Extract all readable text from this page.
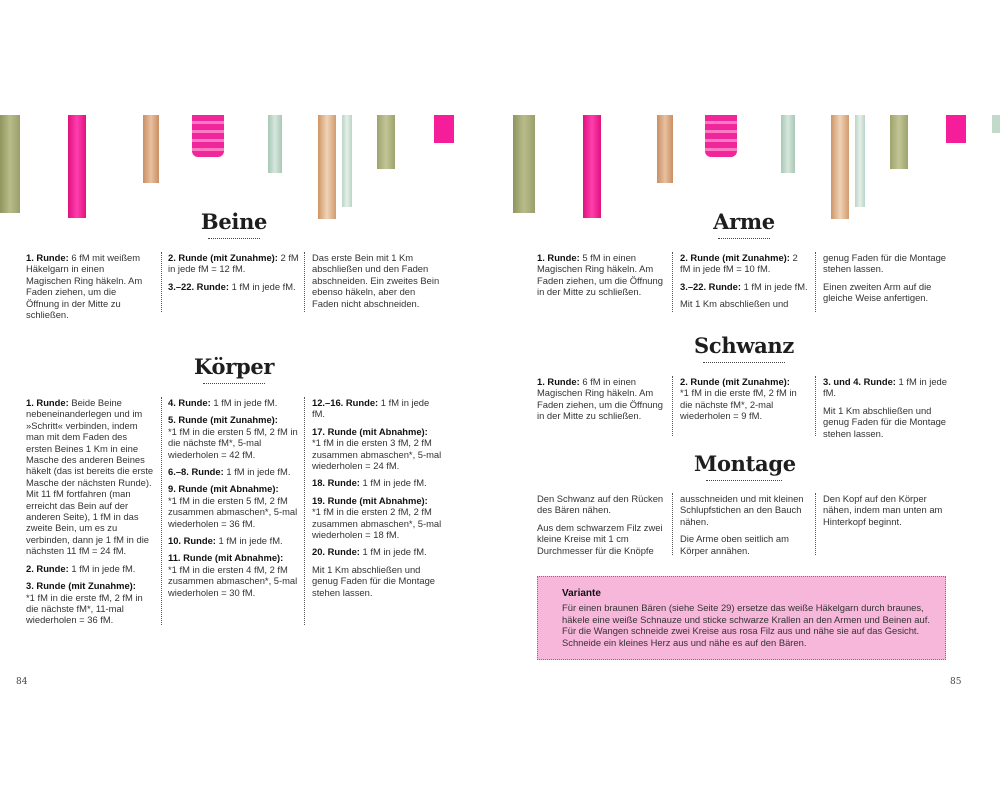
Beine

1. Runde: 6 fM mit weißem Häkelgarn in einen Magischen Ring häkeln. Am Faden ziehen, um die Öffnung in der Mitte zu schließen.

2. Runde (mit Zunahme): 2 fM in jede fM = 12 fM.

3.–22. Runde: 1 fM in jede fM.

Das erste Bein mit 1 Km abschließen und den Faden abschneiden. Ein zweites Bein ebenso häkeln, aber den Faden nicht abschneiden.

Körper

1. Runde: Beide Beine nebeneinanderlegen und im »Schritt« verbinden, indem man mit dem Faden des ersten Beines 1 Km in eine Masche des anderen Beines häkelt (das ist bereits die erste Masche der nächsten Runde). Mit 11 fM fortfahren (man erreicht das Bein auf der anderen Seite), 1 fM in das zweite Bein, um es zu verbinden, dann je 1 fM in die nächsten 11 fM = 24 fM.

2. Runde: 1 fM in jede fM.

3. Runde (mit Zunahme):
*1 fM in die erste fM, 2 fM in die nächste fM*, 11-mal wiederholen = 36 fM.

4. Runde: 1 fM in jede fM.

5. Runde (mit Zunahme):
*1 fM in die ersten 5 fM, 2 fM in die nächste fM*, 5-mal wiederholen = 42 fM.

6.–8. Runde: 1 fM in jede fM.

9. Runde (mit Abnahme):
*1 fM in die ersten 5 fM, 2 fM zusammen abmaschen*, 5-mal wiederholen = 36 fM.

10. Runde: 1 fM in jede fM.

11. Runde (mit Abnahme):
*1 fM in die ersten 4 fM, 2 fM zusammen abmaschen*, 5-mal wiederholen = 30 fM.

12.–16. Runde: 1 fM in jede fM.

17. Runde (mit Abnahme):
*1 fM in die ersten 3 fM, 2 fM zusammen abmaschen*, 5-mal wiederholen = 24 fM.

18. Runde: 1 fM in jede fM.

19. Runde (mit Abnahme):
*1 fM in die ersten 2 fM, 2 fM zusammen abmaschen*, 5-mal wiederholen = 18 fM.

20. Runde: 1 fM in jede fM.

Mit 1 Km abschließen und genug Faden für die Montage stehen lassen.

84
Arme

1. Runde: 5 fM in einen Magischen Ring häkeln. Am Faden ziehen, um die Öffnung in der Mitte zu schließen.

2. Runde (mit Zunahme): 2 fM in jede fM = 10 fM.

3.–22. Runde: 1 fM in jede fM.

Mit 1 Km abschließen und

genug Faden für die Montage stehen lassen.

Einen zweiten Arm auf die gleiche Weise anfertigen.

Schwanz

1. Runde: 6 fM in einen Magischen Ring häkeln. Am Faden ziehen, um die Öffnung in der Mitte zu schließen.

2. Runde (mit Zunahme):
*1 fM in die erste fM, 2 fM in die nächste fM*, 2-mal wiederholen = 9 fM.

3. und 4. Runde: 1 fM in jede fM.

Mit 1 Km abschließen und genug Faden für die Montage stehen lassen.

Montage

Den Schwanz auf den Rücken des Bären nähen.

Aus dem schwarzem Filz zwei kleine Kreise mit 1 cm Durchmesser für die Knöpfe

ausschneiden und mit kleinen Schlupfstichen an den Bauch nähen.

Die Arme oben seitlich am Körper annähen.

Den Kopf auf den Körper nähen, indem man unten am Hinterkopf beginnt.

Variante
Für einen braunen Bären (siehe Seite 29) ersetze das weiße Häkelgarn durch braunes, häkele eine weiße Schnauze und sticke schwarze Krallen an den Armen und Beinen auf. Für die Wangen schneide zwei Kreise aus rosa Filz aus und nähe sie auf das Gesicht. Schneide ein kleines Herz aus und nähe es auf den Bären.
85
